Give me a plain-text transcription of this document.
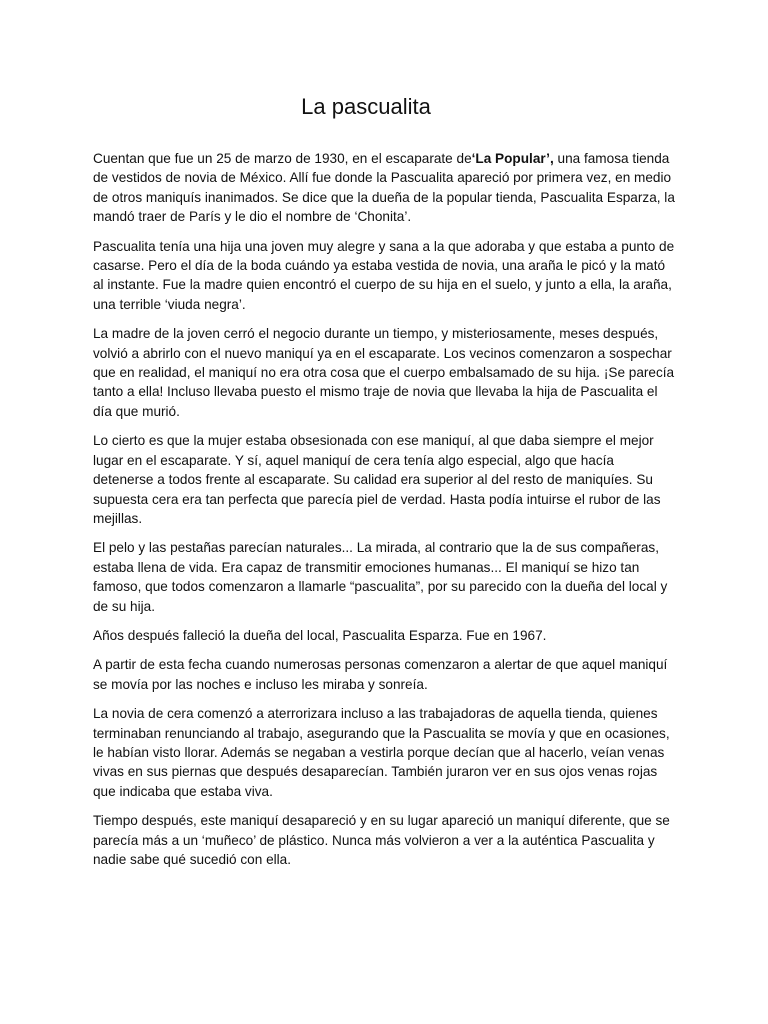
La pascualita

Cuentan que fue un 25 de marzo de 1930, en el escaparate de‘La Popular’, una famosa tienda de vestidos de novia de México. Allí fue donde la Pascualita apareció por primera vez, en medio de otros maniquís inanimados. Se dice que la dueña de la popular tienda, Pascualita Esparza, la mandó traer de París y le dio el nombre de ‘Chonita’.

Pascualita tenía una hija una joven muy alegre y sana a la que adoraba y que estaba a punto de casarse. Pero el día de la boda cuándo ya estaba vestida de novia, una araña le picó y la mató al instante. Fue la madre quien encontró el cuerpo de su hija en el suelo, y junto a ella, la araña, una terrible ‘viuda negra’.

La madre de la joven cerró el negocio durante un tiempo, y misteriosamente, meses después, volvió a abrirlo con el nuevo maniquí ya en el escaparate. Los vecinos comenzaron a sospechar que en realidad, el maniquí no era otra cosa que el cuerpo embalsamado de su hija. ¡Se parecía tanto a ella! Incluso llevaba puesto el mismo traje de novia que llevaba la hija de Pascualita el día que murió.

Lo cierto es que la mujer estaba obsesionada con ese maniquí, al que daba siempre el mejor lugar en el escaparate. Y sí, aquel maniquí de cera tenía algo especial, algo que hacía detenerse a todos frente al escaparate. Su calidad era superior al del resto de maniquíes. Su supuesta cera era tan perfecta que parecía piel de verdad. Hasta podía intuirse el rubor de las mejillas.

El pelo y las pestañas parecían naturales... La mirada, al contrario que la de sus compañeras, estaba llena de vida. Era capaz de transmitir emociones humanas... El maniquí se hizo tan famoso, que todos comenzaron a llamarle “pascualita”, por su parecido con la dueña del local y de su hija.

Años después falleció la dueña del local, Pascualita Esparza. Fue en 1967.

A partir de esta fecha cuando numerosas personas comenzaron a alertar de que aquel maniquí se movía por las noches e incluso les miraba y sonreía.

La novia de cera comenzó a aterrorizara incluso a las trabajadoras de aquella tienda, quienes terminaban renunciando al trabajo, asegurando que la Pascualita se movía y que en ocasiones, le habían visto llorar. Además se negaban a vestirla porque decían que al hacerlo, veían venas vivas en sus piernas que después desaparecían. También juraron ver en sus ojos venas rojas que indicaba que estaba viva.

Tiempo después, este maniquí desapareció y en su lugar apareció un maniquí diferente, que se parecía más a un ‘muñeco’ de plástico. Nunca más volvieron a ver a la auténtica Pascualita y nadie sabe qué sucedió con ella.
